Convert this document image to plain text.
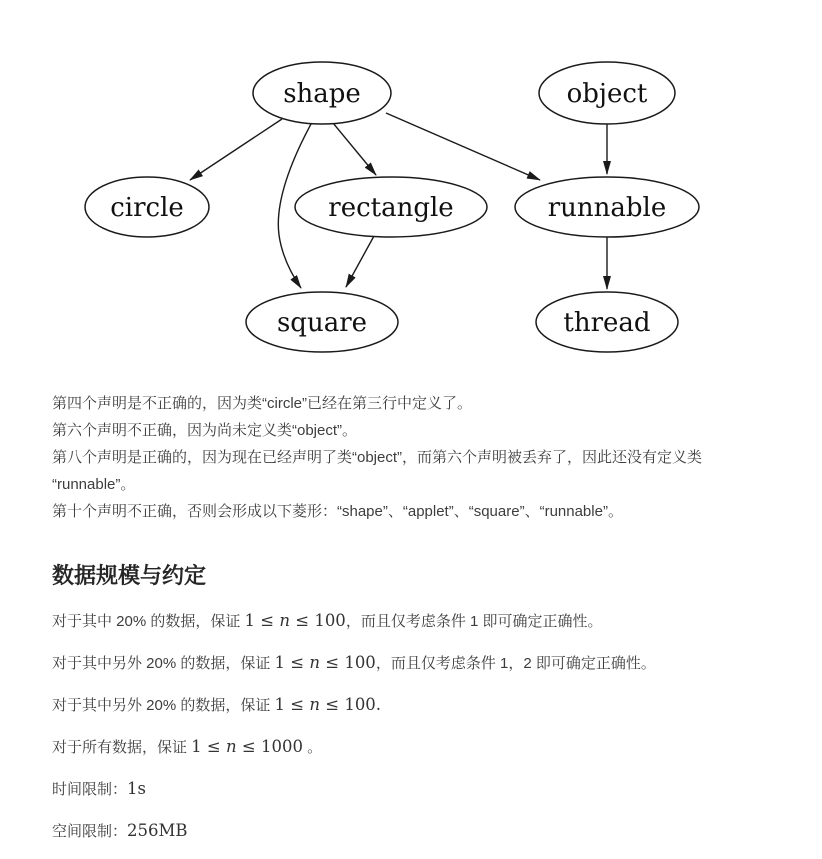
shape	object
circle	rectangle	runnable
square	thread
第四个声明是不正确的，因为类“circle”已经在第三行中定义了。
第六个声明不正确，因为尚未定义类“object”。
第八个声明是正确的，因为现在已经声明了类“object”，而第六个声明被丢弃了，因此还没有定义类
“runnable”。
第十个声明不正确，否则会形成以下菱形：“shape”、“applet”、“square”、“runnable”。
数据规模与约定

对于其中 20% 的数据，保证 1 ≤ n ≤ 100，而且仅考虑条件 1 即可确定正确性。

对于其中另外 20% 的数据，保证 1 ≤ n ≤ 100，而且仅考虑条件 1，2 即可确定正确性。

对于其中另外 20% 的数据，保证 1 ≤ n ≤ 100.

对于所有数据，保证 1 ≤ n ≤ 1000 。

时间限制：1s

空间限制：256MB
